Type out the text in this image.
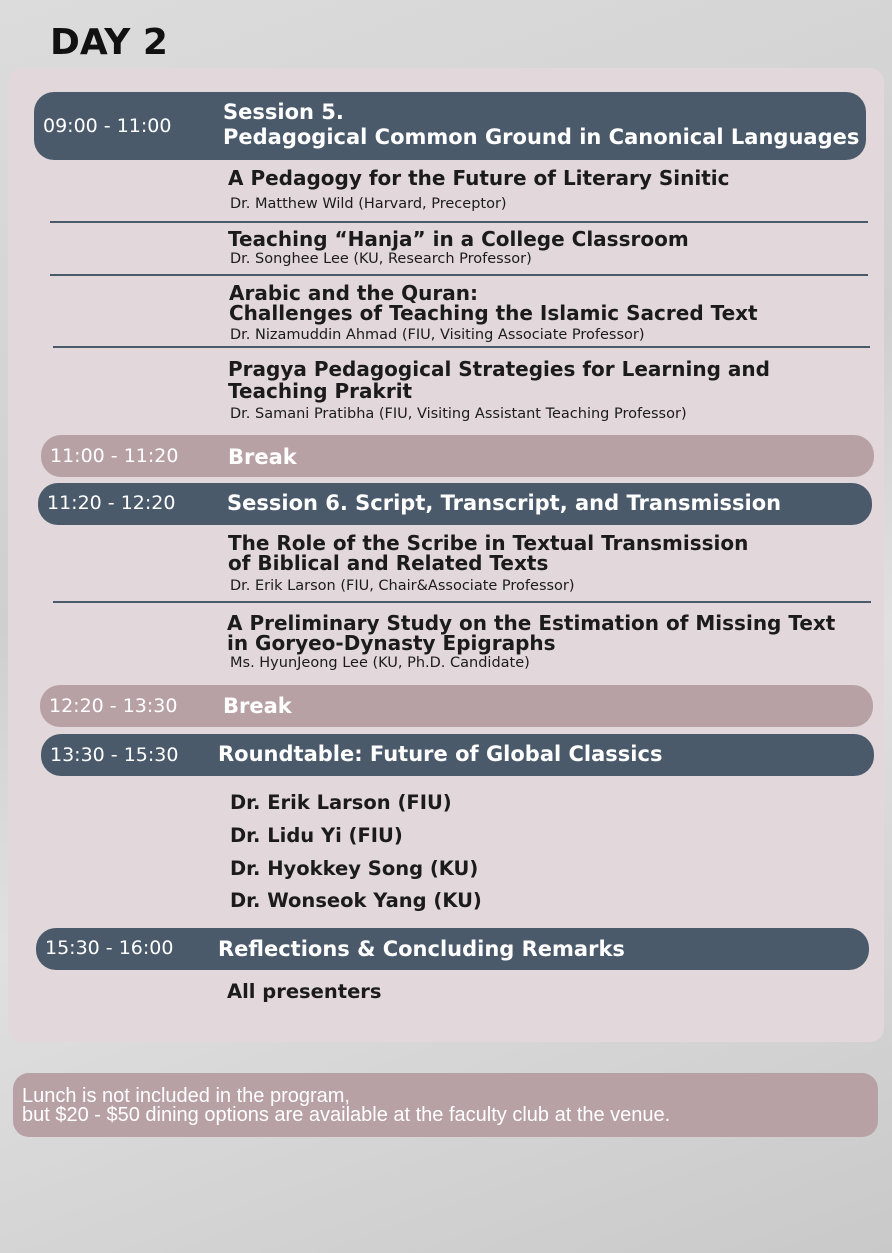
DAY 2
09:00 - 11:00
Session 5.
Pedagogical Common Ground in Canonical Languages
A Pedagogy for the Future of Literary Sinitic
Dr. Matthew Wild (Harvard, Preceptor)
Teaching “Hanja” in a College Classroom
Dr. Songhee Lee (KU, Research Professor)
Arabic and the Quran:
Challenges of Teaching the Islamic Sacred Text
Dr. Nizamuddin Ahmad (FIU, Visiting Associate Professor)
Pragya Pedagogical Strategies for Learning and
Teaching Prakrit
Dr. Samani Pratibha (FIU, Visiting Assistant Teaching Professor)
11:00 - 11:20 Break
11:20 - 12:20 Session 6. Script, Transcript, and Transmission
The Role of the Scribe in Textual Transmission
of Biblical and Related Texts
Dr. Erik Larson (FIU, Chair&Associate Professor)
A Preliminary Study on the Estimation of Missing Text
in Goryeo-Dynasty Epigraphs
Ms. HyunJeong Lee (KU, Ph.D. Candidate)
12:20 - 13:30 Break
13:30 - 15:30 Roundtable: Future of Global Classics
Dr. Erik Larson (FIU)
Dr. Lidu Yi (FIU)
Dr. Hyokkey Song (KU)
Dr. Wonseok Yang (KU)
15:30 - 16:00 Reflections & Concluding Remarks
All presenters
Lunch is not included in the program,
but $20 - $50 dining options are available at the faculty club at the venue.
